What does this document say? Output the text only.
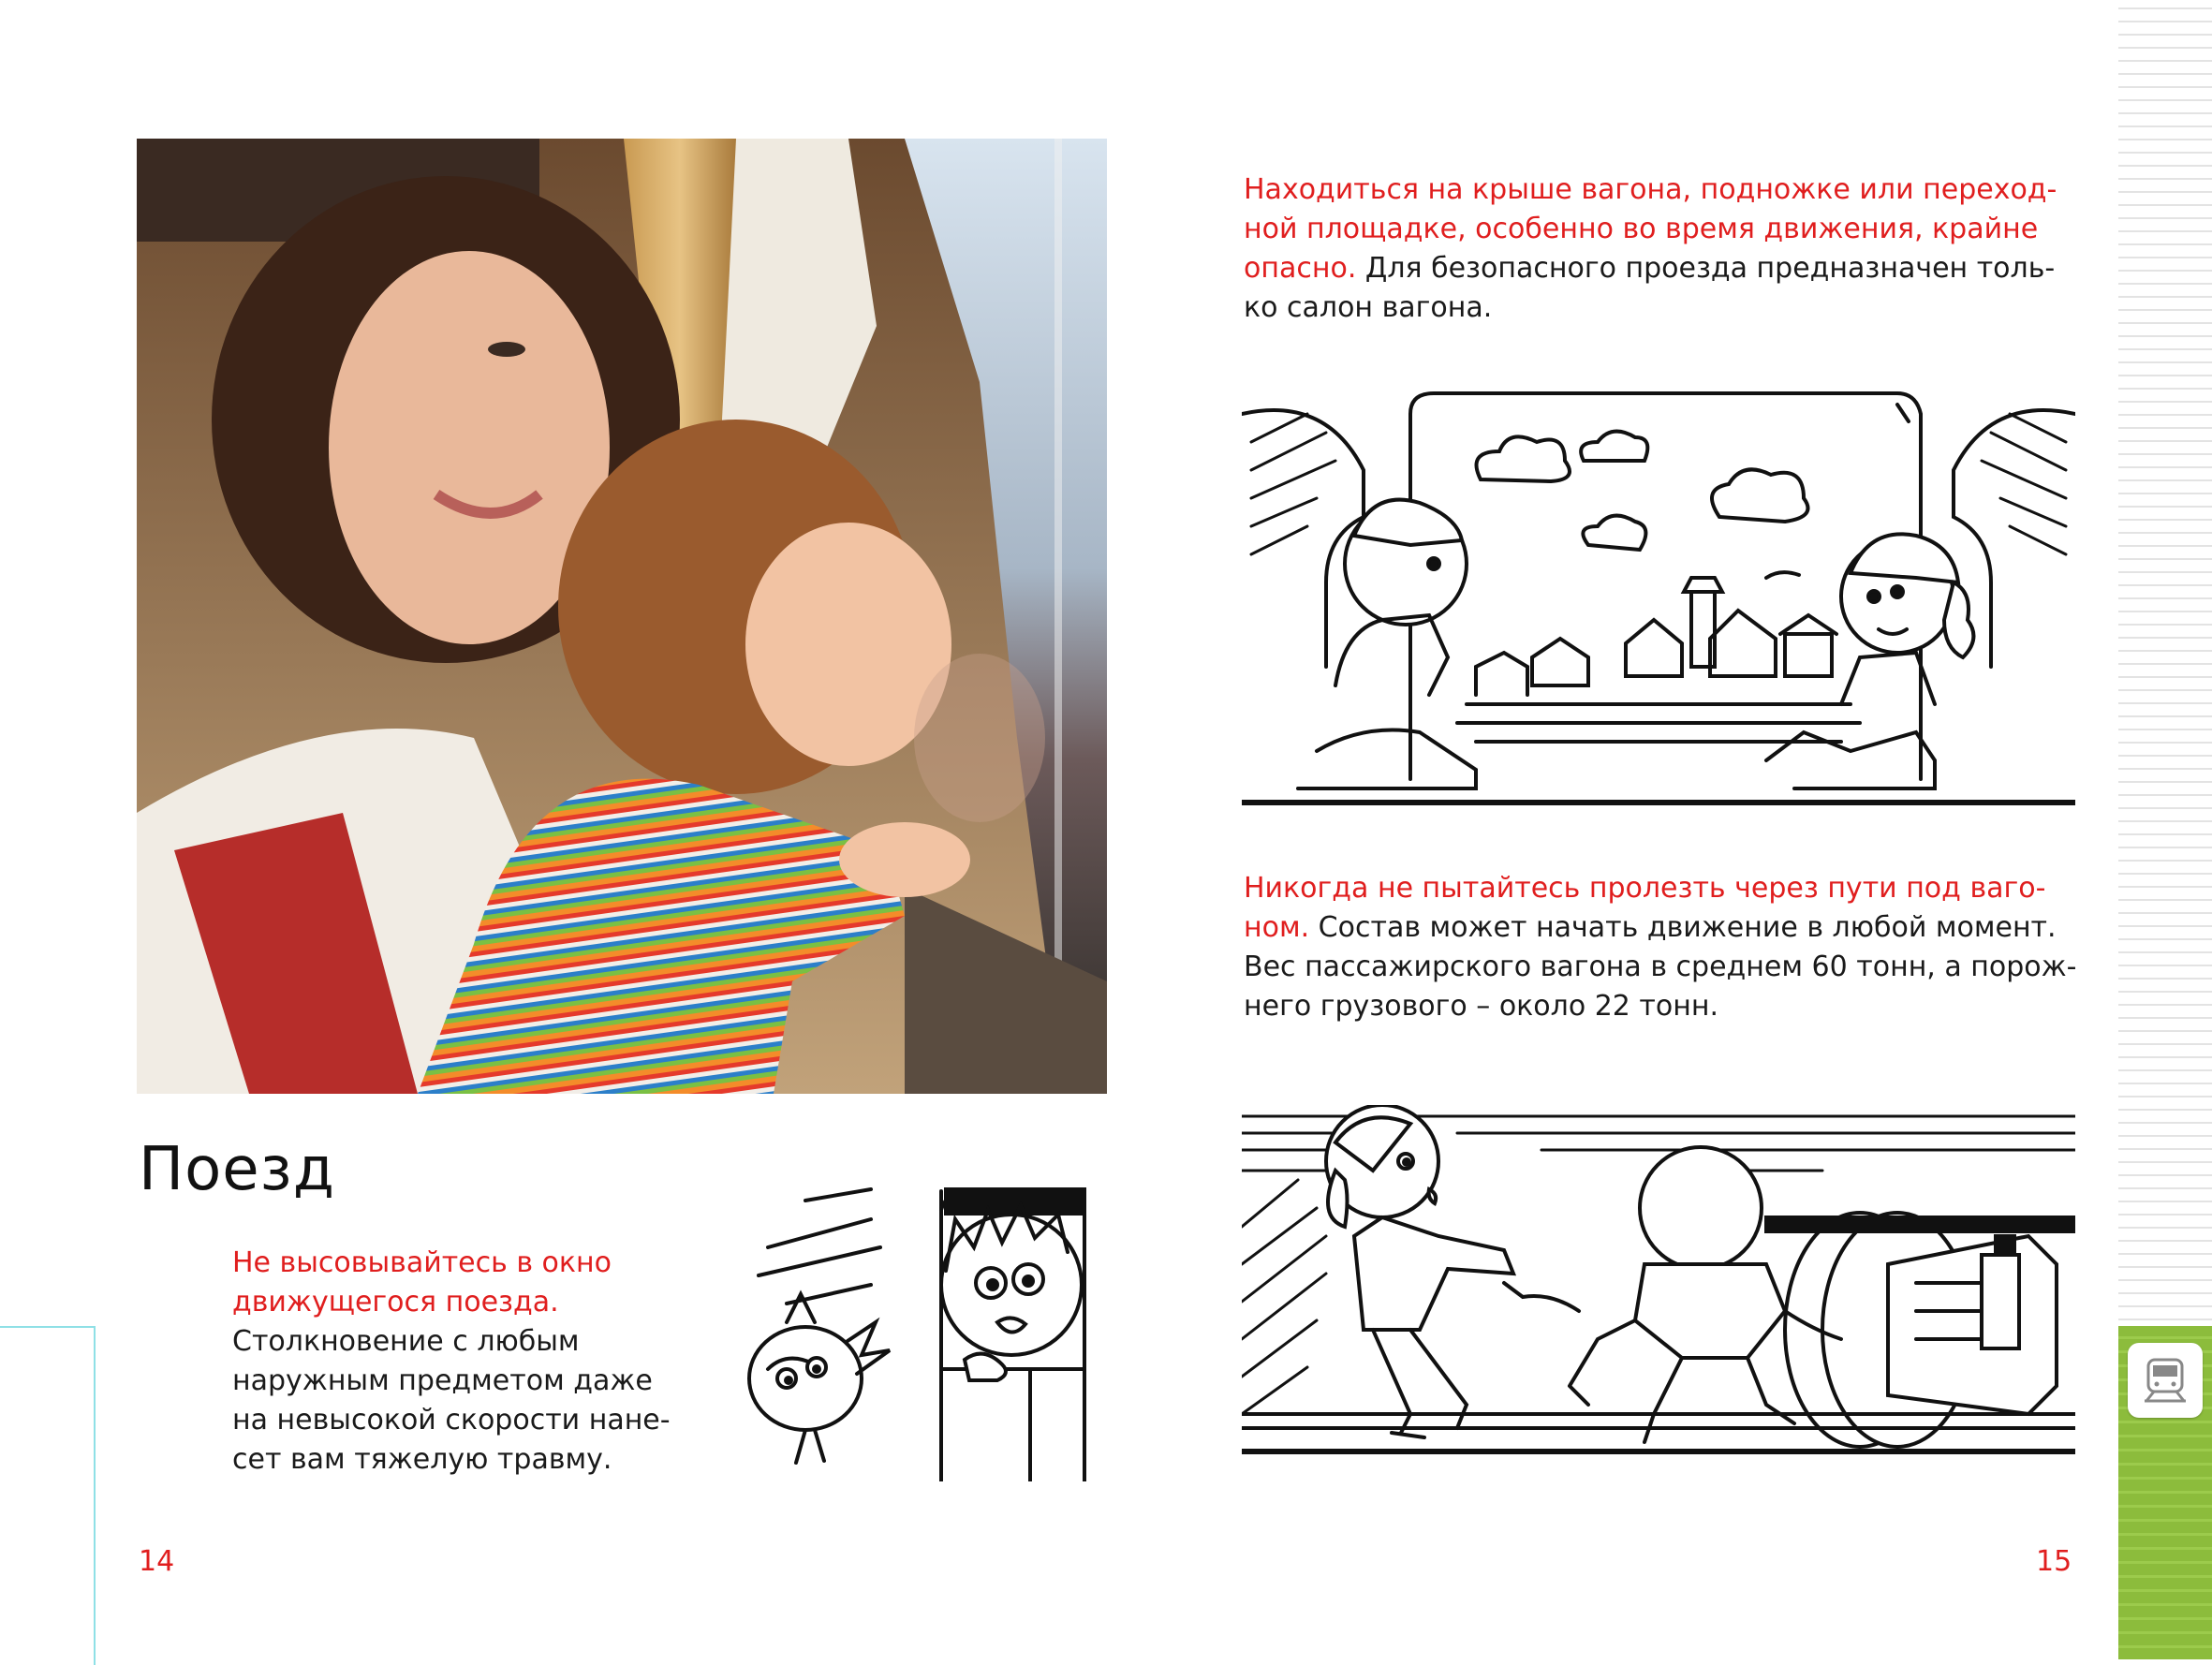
Поезд
Не высовывайтесь в окно
движущегося поезда.
Столкновение с любым
наружным предметом даже
на невысокой скорости нане-
сет вам тяжелую травму.
14
Находиться на крыше вагона, подножке или переход-
ной площадке, особенно во время движения, крайне
опасно. Для безопасного проезда предназначен толь-
ко салон вагона.
Никогда не пытайтесь пролезть через пути под ваго-
ном. Состав может начать движение в любой момент.
Вес пассажирского вагона в среднем 60 тонн, а порож-
него грузового – около 22 тонн.
15
